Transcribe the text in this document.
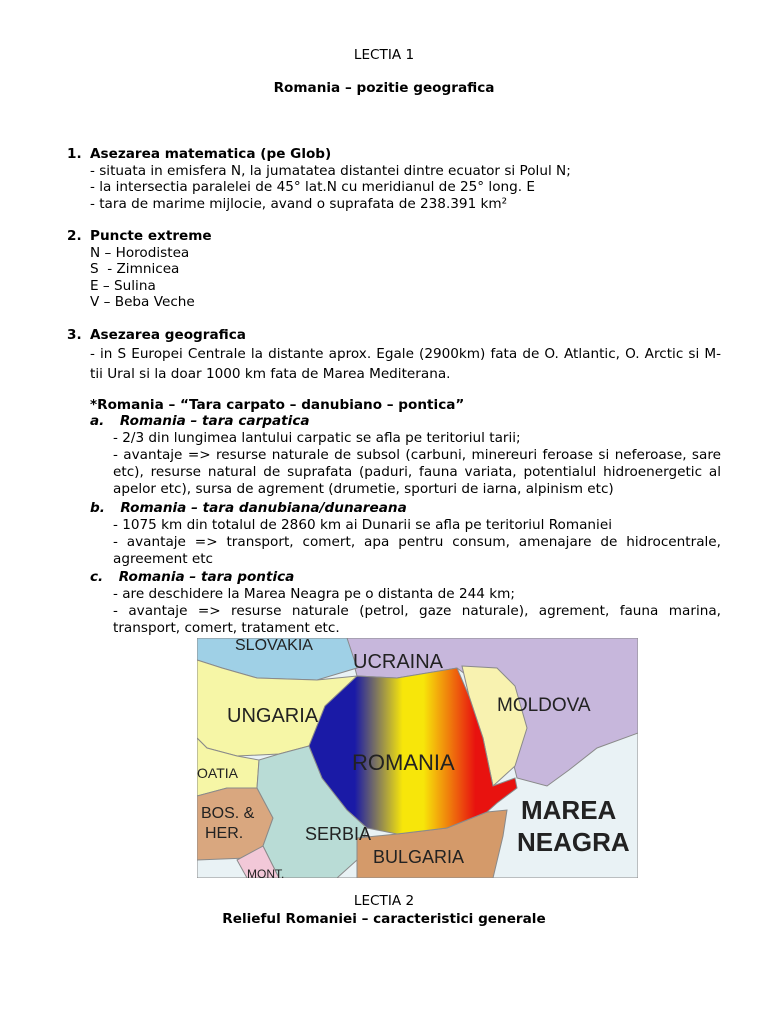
LECTIA 1
Romania – pozitie geografica
1. Asezarea matematica (pe Glob)
- situata in emisfera N, la jumatatea distantei dintre ecuator si Polul N;
- la intersectia paralelei de 45° lat.N cu meridianul de 25° long. E
- tara de marime mijlocie, avand o suprafata de 238.391 km²
2. Puncte extreme
N – Horodistea
S  - Zimnicea
E – Sulina
V – Beba Veche
3. Asezarea geografica
- in S Europei Centrale la distante aprox. Egale (2900km) fata de O. Atlantic, O. Arctic si M-
tii Ural si la doar 1000 km fata de Marea Mediterana.
*Romania – “Tara carpato – danubiano – pontica”
a. Romania – tara carpatica
- 2/3 din lungimea lantului carpatic se afla pe teritoriul tarii;
- avantaje => resurse naturale de subsol (carbuni, minereuri feroase si neferoase, sare
etc), resurse natural de suprafata (paduri, fauna variata, potentialul hidroenergetic al
apelor etc), sursa de agrement (drumetie, sporturi de iarna, alpinism etc)
b. Romania – tara danubiana/dunareana
- 1075 km din totalul de 2860 km ai Dunarii se afla pe teritoriul Romaniei
- avantaje => transport, comert, apa pentru consum, amenajare de hidrocentrale,
agreement etc
c. Romania – tara pontica
- are deschidere la Marea Neagra pe o distanta de 244 km;
- avantaje => resurse naturale (petrol, gaze naturale), agrement, fauna marina,
transport, comert, tratament etc.
SLOVAKIA
UCRAINA
UNGARIA	MOLDOVA
ROMANIA
MAREA
NEAGRA
OATIA
BOS. &
HER.	SERBIA
BULGARIA
MONT.
LECTIA 2
Relieful Romaniei – caracteristici generale
